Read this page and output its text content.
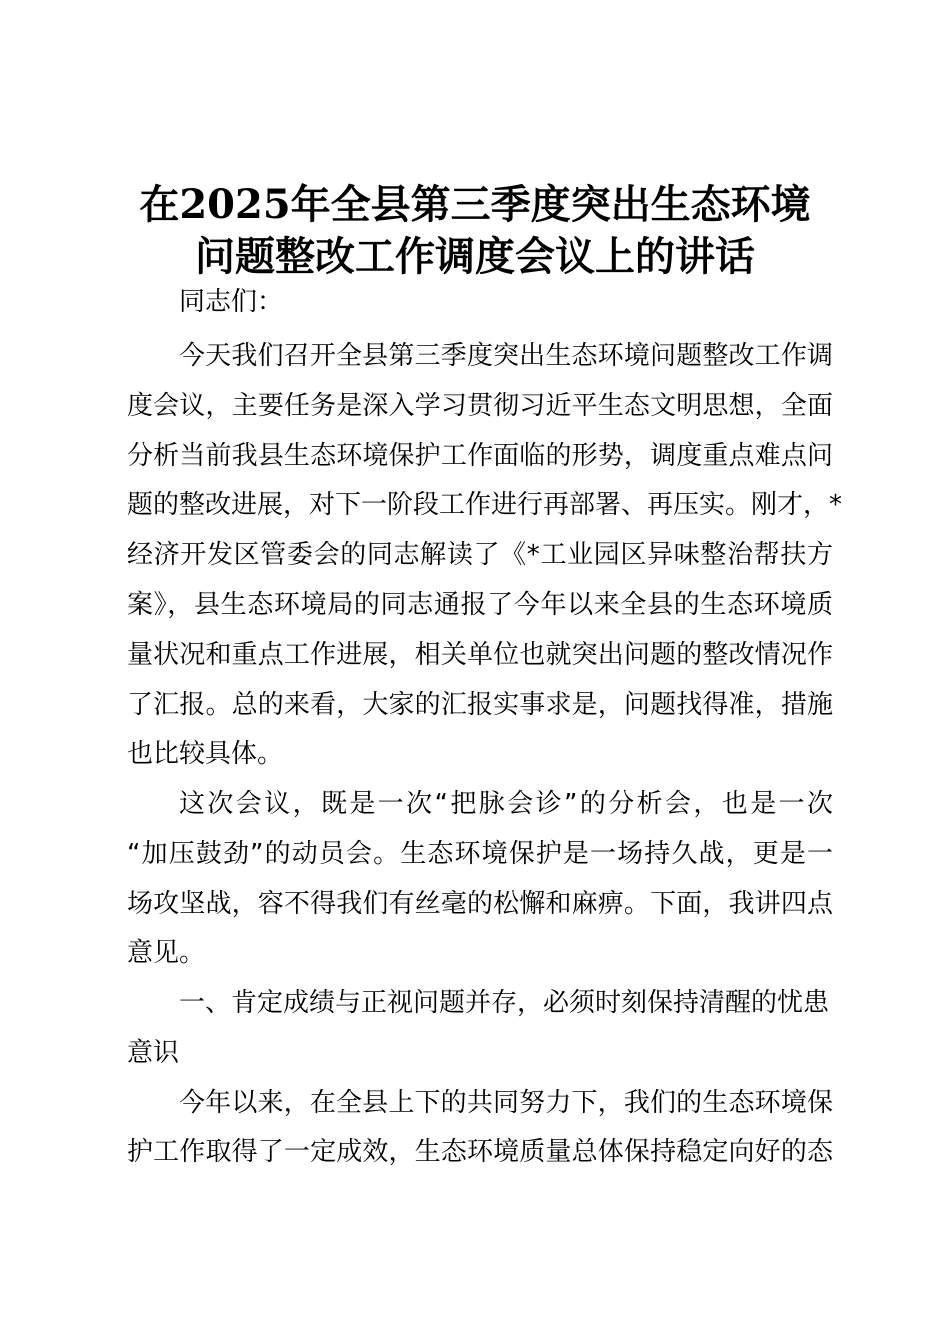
在2025年全县第三季度突出生态环境
问题整改工作调度会议上的讲话

同志们：

今天我们召开全县第三季度突出生态环境问题整改工作调

度会议，主要任务是深入学习贯彻习近平生态文明思想，全面

分析当前我县生态环境保护工作面临的形势，调度重点难点问

题的整改进展，对下一阶段工作进行再部署、再压实。刚才，*

经济开发区管委会的同志解读了《*工业园区异味整治帮扶方

案》，县生态环境局的同志通报了今年以来全县的生态环境质

量状况和重点工作进展，相关单位也就突出问题的整改情况作

了汇报。总的来看，大家的汇报实事求是，问题找得准，措施

也比较具体。

这次会议，既是一次“把脉会诊”的分析会，也是一次

“加压鼓劲”的动员会。生态环境保护是一场持久战，更是一

场攻坚战，容不得我们有丝毫的松懈和麻痹。下面，我讲四点

意见。

一、肯定成绩与正视问题并存，必须时刻保持清醒的忧患

意识

今年以来，在全县上下的共同努力下，我们的生态环境保

护工作取得了一定成效，生态环境质量总体保持稳定向好的态
